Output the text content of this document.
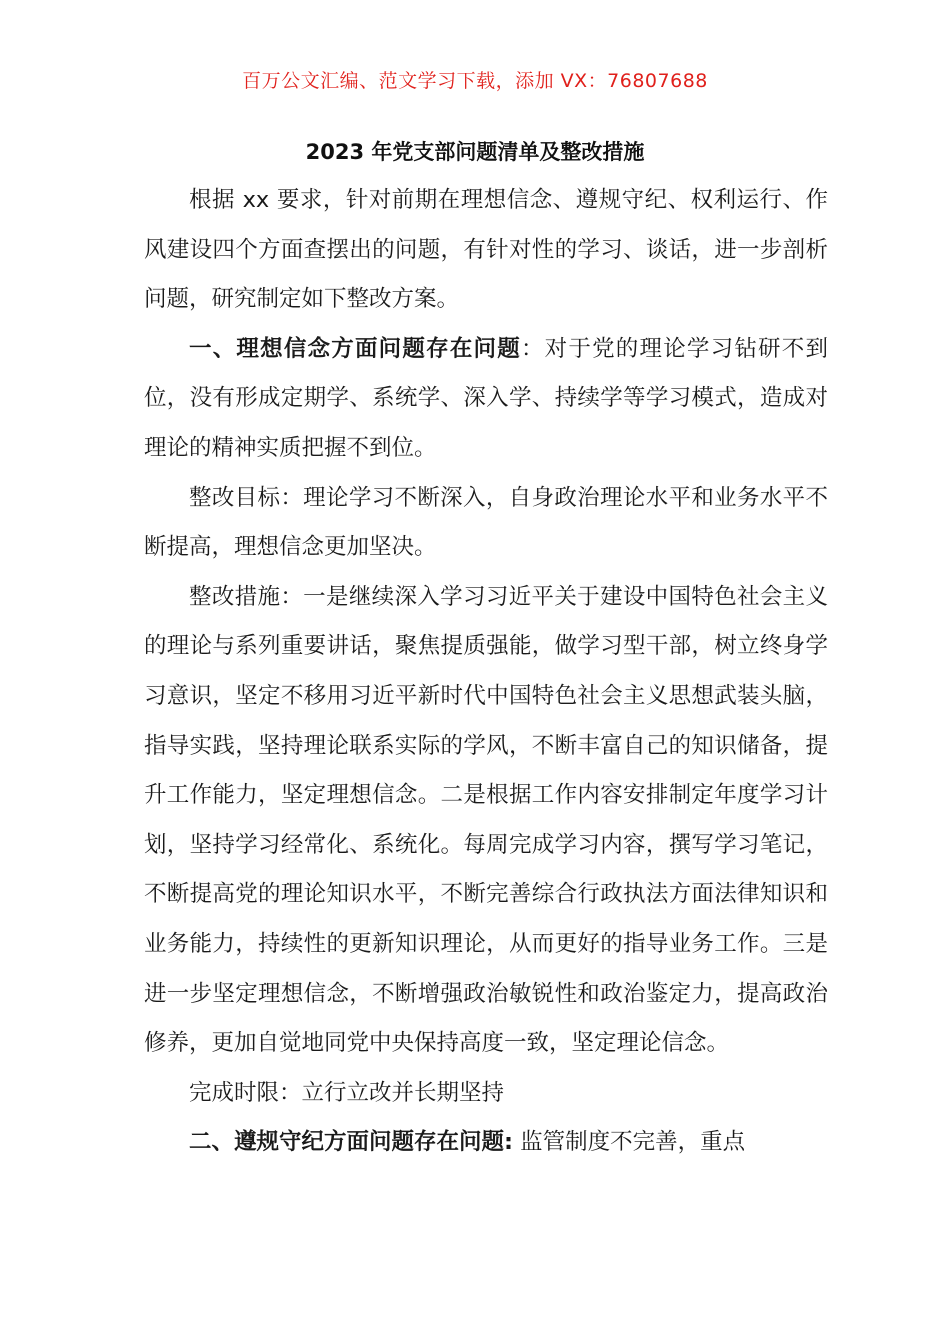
百万公文汇编、范文学习下载，添加 VX：76807688
2023 年党支部问题清单及整改措施

根据 xx 要求，针对前期在理想信念、遵规守纪、权利运行、作风建设四个方面查摆出的问题，有针对性的学习、谈话，进一步剖析问题，研究制定如下整改方案。

一、理想信念方面问题存在问题：对于党的理论学习钻研不到位，没有形成定期学、系统学、深入学、持续学等学习模式，造成对理论的精神实质把握不到位。

整改目标：理论学习不断深入，自身政治理论水平和业务水平不断提高，理想信念更加坚决。

整改措施：一是继续深入学习习近平关于建设中国特色社会主义的理论与系列重要讲话，聚焦提质强能，做学习型干部，树立终身学习意识，坚定不移用习近平新时代中国特色社会主义思想武装头脑，指导实践，坚持理论联系实际的学风，不断丰富自己的知识储备，提升工作能力，坚定理想信念。二是根据工作内容安排制定年度学习计划，坚持学习经常化、系统化。每周完成学习内容，撰写学习笔记，不断提高党的理论知识水平，不断完善综合行政执法方面法律知识和业务能力，持续性的更新知识理论，从而更好的指导业务工作。三是进一步坚定理想信念，不断增强政治敏锐性和政治鉴定力，提高政治修养，更加自觉地同党中央保持高度一致，坚定理论信念。

完成时限：立行立改并长期坚持

二、遵规守纪方面问题存在问题: 监管制度不完善，重点
